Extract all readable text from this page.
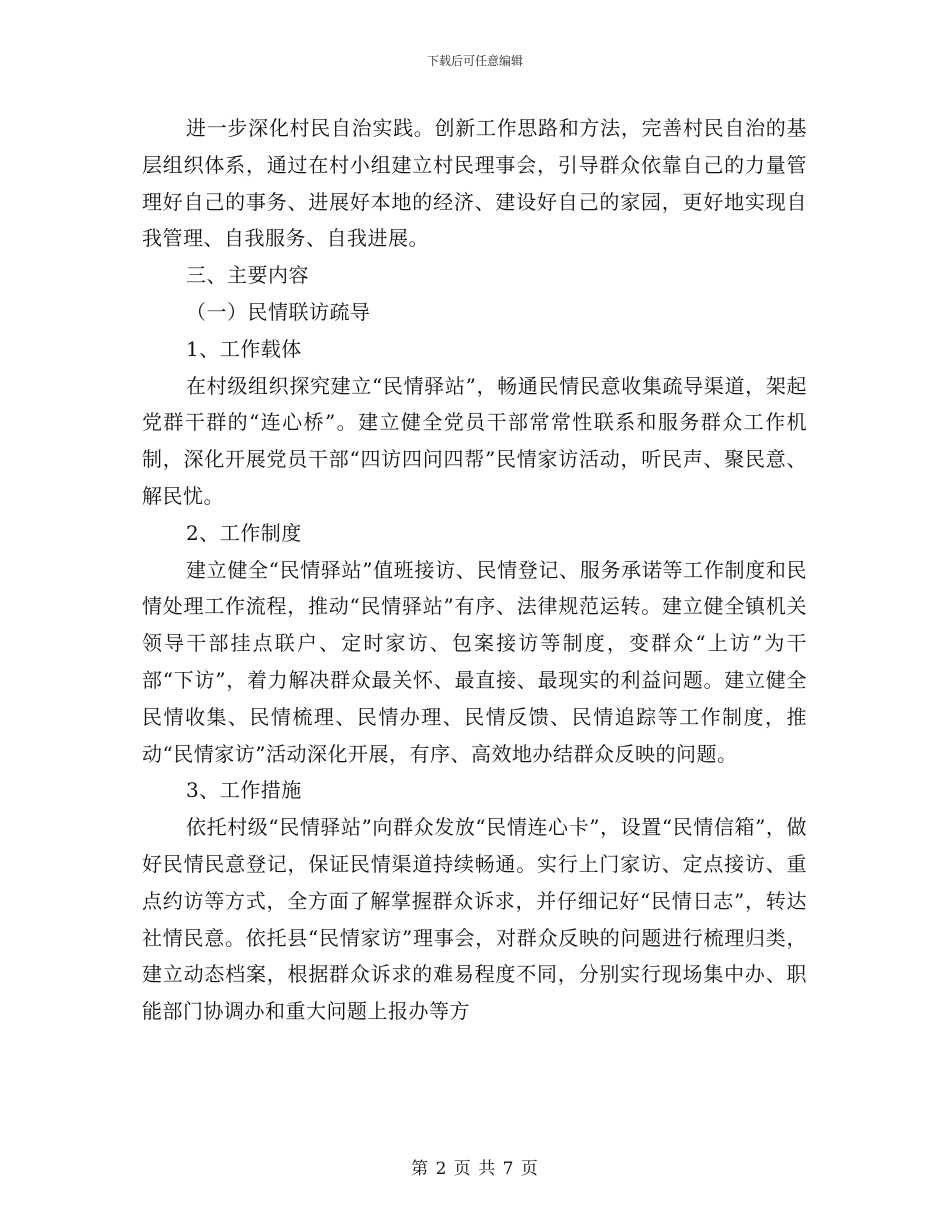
下载后可任意编辑

进一步深化村民自治实践。创新工作思路和方法，完善村民自治的基层组织体系，通过在村小组建立村民理事会，引导群众依靠自己的力量管理好自己的事务、进展好本地的经济、建设好自己的家园，更好地实现自我管理、自我服务、自我进展。

三、主要内容

（一）民情联访疏导

1、工作载体

在村级组织探究建立“民情驿站”，畅通民情民意收集疏导渠道，架起党群干群的“连心桥”。建立健全党员干部常常性联系和服务群众工作机制，深化开展党员干部“四访四问四帮”民情家访活动，听民声、聚民意、解民忧。

2、工作制度

建立健全“民情驿站”值班接访、民情登记、服务承诺等工作制度和民情处理工作流程，推动“民情驿站”有序、法律规范运转。建立健全镇机关领导干部挂点联户、定时家访、包案接访等制度，变群众“上访”为干部“下访”，着力解决群众最关怀、最直接、最现实的利益问题。建立健全民情收集、民情梳理、民情办理、民情反馈、民情追踪等工作制度，推动“民情家访”活动深化开展，有序、高效地办结群众反映的问题。

3、工作措施

依托村级“民情驿站”向群众发放“民情连心卡”，设置“民情信箱”，做好民情民意登记，保证民情渠道持续畅通。实行上门家访、定点接访、重点约访等方式，全方面了解掌握群众诉求，并仔细记好“民情日志”，转达社情民意。依托县“民情家访”理事会，对群众反映的问题进行梳理归类，建立动态档案，根据群众诉求的难易程度不同，分别实行现场集中办、职能部门协调办和重大问题上报办等方

第 2 页 共 7 页
